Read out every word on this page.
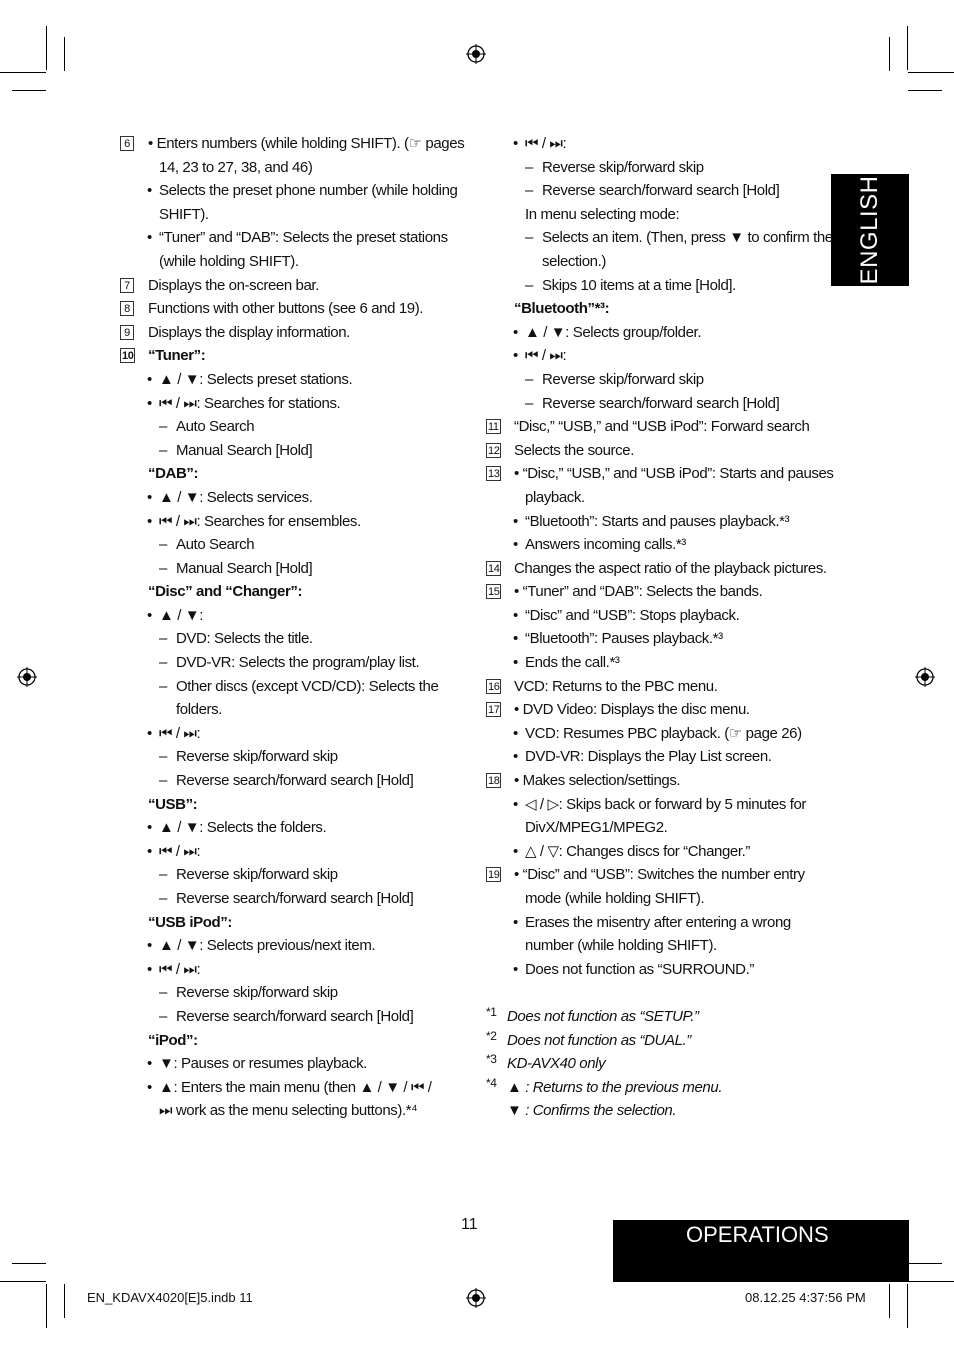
ENGLISH
6 • Enters numbers (while holding SHIFT). (☞ pages
14, 23 to 27, 38, and 46)
• Selects the preset phone number (while holding
SHIFT).
• “Tuner” and “DAB”: Selects the preset stations
(while holding SHIFT).
7 Displays the on-screen bar.
8 Functions with other buttons (see 6 and 19).
9 Displays the display information.
10 “Tuner”:
• ▲ / ▼: Selects preset stations.
• ⏮ / ⏭: Searches for stations.
– Auto Search
– Manual Search [Hold]
“DAB”:
• ▲ / ▼: Selects services.
• ⏮ / ⏭: Searches for ensembles.
– Auto Search
– Manual Search [Hold]
“Disc” and “Changer”:
• ▲ / ▼:
– DVD: Selects the title.
– DVD-VR: Selects the program/play list.
– Other discs (except VCD/CD): Selects the
folders.
• ⏮ / ⏭:
– Reverse skip/forward skip
– Reverse search/forward search [Hold]
“USB”:
• ▲ / ▼: Selects the folders.
• ⏮ / ⏭:
– Reverse skip/forward skip
– Reverse search/forward search [Hold]
“USB iPod”:
• ▲ / ▼: Selects previous/next item.
• ⏮ / ⏭:
– Reverse skip/forward skip
– Reverse search/forward search [Hold]
“iPod”:
• ▼: Pauses or resumes playback.
• ▲: Enters the main menu (then ▲ / ▼ / ⏮ /
⏭ work as the menu selecting buttons).*⁴
• ⏮ / ⏭:
– Reverse skip/forward skip
– Reverse search/forward search [Hold]
In menu selecting mode:
– Selects an item. (Then, press ▼ to confirm the
selection.)
– Skips 10 items at a time [Hold].
“Bluetooth”*³:
• ▲ / ▼: Selects group/folder.
• ⏮ / ⏭:
– Reverse skip/forward skip
– Reverse search/forward search [Hold]
11 “Disc,” “USB,” and “USB iPod”: Forward search
12 Selects the source.
13 • “Disc,” “USB,” and “USB iPod”: Starts and pauses
playback.
• “Bluetooth”: Starts and pauses playback.*³
• Answers incoming calls.*³
14 Changes the aspect ratio of the playback pictures.
15 • “Tuner” and “DAB”: Selects the bands.
• “Disc” and “USB”: Stops playback.
• “Bluetooth”: Pauses playback.*³
• Ends the call.*³
16 VCD: Returns to the PBC menu.
17 • DVD Video: Displays the disc menu.
• VCD: Resumes PBC playback. (☞ page 26)
• DVD-VR: Displays the Play List screen.
18 • Makes selection/settings.
• ◁ / ▷: Skips back or forward by 5 minutes for
DivX/MPEG1/MPEG2.
• △ / ▽: Changes discs for “Changer.”
19 • “Disc” and “USB”: Switches the number entry
mode (while holding SHIFT).
• Erases the misentry after entering a wrong
number (while holding SHIFT).
• Does not function as “SURROUND.”
*1 Does not function as “SETUP.”
*2 Does not function as “DUAL.”
*3 KD-AVX40 only
*4 ▲ : Returns to the previous menu.
▼ : Confirms the selection.
11	OPERATIONS
EN_KDAVX4020[E]5.indb 11	08.12.25 4:37:56 PM
